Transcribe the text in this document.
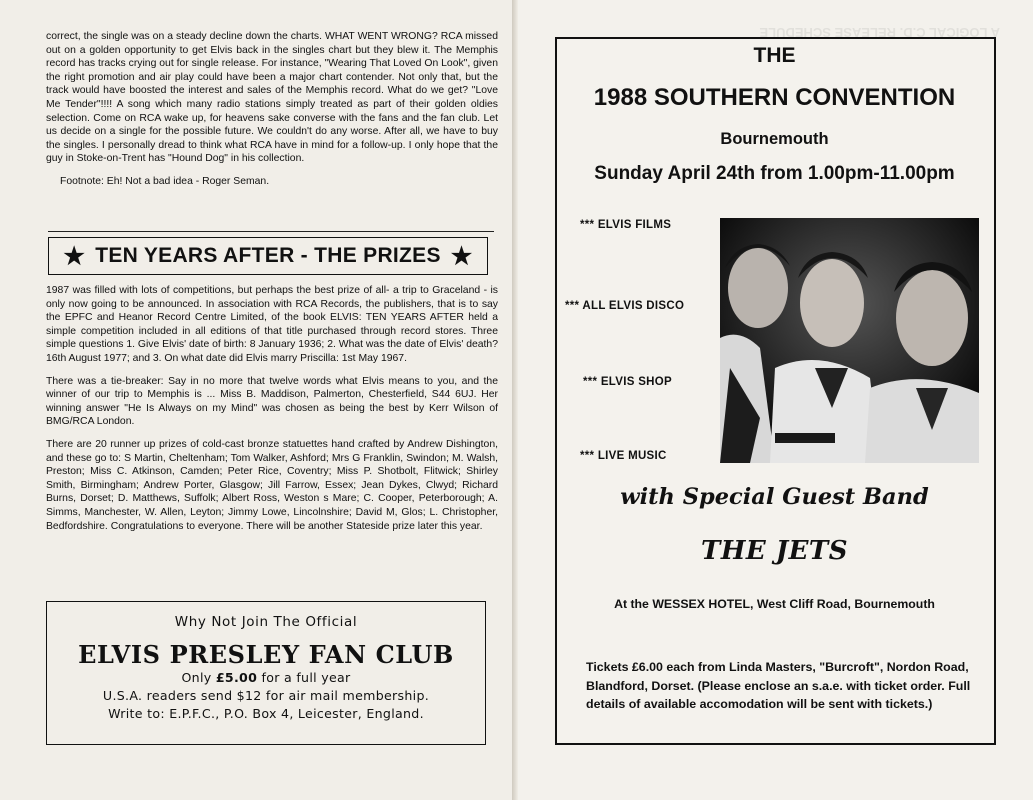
correct, the single was on a steady decline down the charts. WHAT WENT WRONG? RCA missed out on a golden opportunity to get Elvis back in the singles chart but they blew it. The Memphis record has tracks crying out for single release. For instance, "Wearing That Loved On Look", given the right promotion and air play could have been a major chart contender. Not only that, but the track would have boosted the interest and sales of the Memphis record. What do we get? "Love Me Tender"!!!! A song which many radio stations simply treated as part of their golden oldies selection. Come on RCA wake up, for heavens sake converse with the fans and the fan club. Let us decide on a single for the possible future. We couldn't do any worse. After all, we have to buy the singles. I personally dread to think what RCA have in mind for a follow-up. I only hope that the guy in Stoke-on-Trent has "Hound Dog" in his collection.

Footnote: Eh! Not a bad idea - Roger Seman.

★ TEN YEARS AFTER - THE PRIZES ★

1987 was filled with lots of competitions, but perhaps the best prize of all- a trip to Graceland - is only now going to be announced. In association with RCA Records, the publishers, that is to say the EPFC and Heanor Record Centre Limited, of the book ELVIS: TEN YEARS AFTER held a simple competition included in all editions of that title purchased through record stores. Three simple questions 1. Give Elvis' date of birth: 8 January 1936; 2. What was the date of Elvis' death? 16th August 1977; and 3. On what date did Elvis marry Priscilla: 1st May 1967.

There was a tie-breaker: Say in no more that twelve words what Elvis means to you, and the winner of our trip to Memphis is ... Miss B. Maddison, Palmerton, Chesterfield, S44 6UJ. Her winning answer "He Is Always on my Mind" was chosen as being the best by Kerr Wilson of BMG/RCA London.

There are 20 runner up prizes of cold-cast bronze statuettes hand crafted by Andrew Dishington, and these go to: S Martin, Cheltenham; Tom Walker, Ashford; Mrs G Franklin, Swindon; M. Walsh, Preston; Miss C. Atkinson, Camden; Peter Rice, Coventry; Miss P. Shotbolt, Flitwick; Shirley Smith, Birmingham; Andrew Porter, Glasgow; Jill Farrow, Essex; Jean Dykes, Clwyd; Richard Burns, Dorset; D. Matthews, Suffolk; Albert Ross, Weston s Mare; C. Cooper, Peterborough; A. Simms, Manchester, W. Allen, Leyton; Jimmy Lowe, Lincolnshire; David M, Glos; L. Christopher, Bedfordshire. Congratulations to everyone. There will be another Stateside prize later this year.

Why Not Join The Official
ELVIS PRESLEY FAN CLUB
Only £5.00 for a full year
U.S.A. readers send $12 for air mail membership.
Write to: E.P.F.C., P.O. Box 4, Leicester, England.
THE
1988 SOUTHERN CONVENTION
Bournemouth
Sunday April 24th from 1.00pm-11.00pm
*** ELVIS FILMS
*** ALL ELVIS DISCO
*** ELVIS SHOP
*** LIVE MUSIC
with Special Guest Band
THE JETS
At the WESSEX HOTEL, West Cliff Road, Bournemouth
Tickets £6.00 each from Linda Masters, "Burcroft", Nordon Road, Blandford, Dorset. (Please enclose an s.a.e. with ticket order. Full details of available accomodation will be sent with tickets.)
